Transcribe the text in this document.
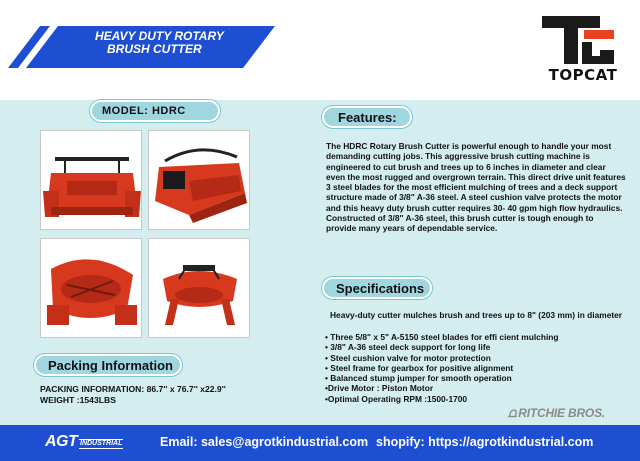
HEAVY DUTY ROTARY
BRUSH CUTTER
TOPCAT
MODEL: HDRC	Features:

The HDRC Rotary Brush Cutter is powerful enough to handle your most demanding cutting jobs. This aggressive brush cutting machine is engineered to cut brush and trees up to 6 inches in diameter and clear even the most rugged and overgrown terrain. This direct drive unit features 3 steel blades for the most efficient mulching of trees and a deck support structure made of 3/8" A-36 steel. A steel cushion valve protects the motor and this heavy duty brush cutter requires 30- 40 gpm high flow hydraulics. Constructed of 3/8" A-36 steel, this brush cutter is tough enough to provide many years of dependable service.

Specifications

Heavy-duty cutter mulches brush and trees up to 8" (203 mm) in diameter

• Three 5/8" x 5" A-5150 steel blades for effi cient mulching
• 3/8" A-36 steel deck support for long life
• Steel cushion valve for motor protection
• Steel frame for gearbox for positive alignment
• Balanced stump jumper for smooth operation
•Drive Motor : Piston Motor
•Optimal Operating RPM :1500-1700
Packing Information
PACKING INFORMATION: 86.7'' x 76.7'' x22.9''
WEIGHT :1543LBS
⩍ RITCHIE BROS.
AGT INDUSTRIAL	Email: sales@agrotkindustrial.com shopify: https://agrotkindustrial.com
